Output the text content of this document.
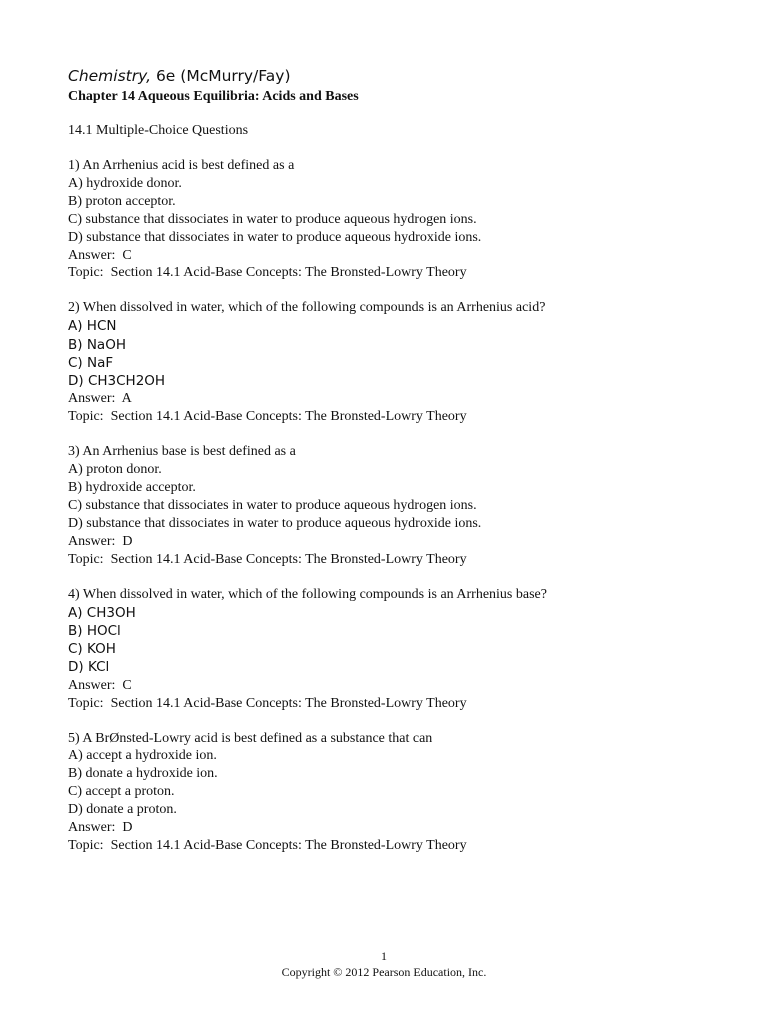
Chemistry, 6e (McMurry/Fay)

Chapter 14 Aqueous Equilibria: Acids and Bases

14.1 Multiple-Choice Questions
1) An Arrhenius acid is best defined as a
A) hydroxide donor.
B) proton acceptor.
C) substance that dissociates in water to produce aqueous hydrogen ions.
D) substance that dissociates in water to produce aqueous hydroxide ions.
Answer:  C
Topic:  Section 14.1 Acid-Base Concepts: The Bronsted-Lowry Theory
2) When dissolved in water, which of the following compounds is an Arrhenius acid?
A) HCN
B) NaOH
C) NaF
D) CH3CH2OH
Answer:  A
Topic:  Section 14.1 Acid-Base Concepts: The Bronsted-Lowry Theory
3) An Arrhenius base is best defined as a
A) proton donor.
B) hydroxide acceptor.
C) substance that dissociates in water to produce aqueous hydrogen ions.
D) substance that dissociates in water to produce aqueous hydroxide ions.
Answer:  D
Topic:  Section 14.1 Acid-Base Concepts: The Bronsted-Lowry Theory
4) When dissolved in water, which of the following compounds is an Arrhenius base?
A) CH3OH
B) HOCl
C) KOH
D) KCl
Answer:  C
Topic:  Section 14.1 Acid-Base Concepts: The Bronsted-Lowry Theory
5) A BrØnsted-Lowry acid is best defined as a substance that can
A) accept a hydroxide ion.
B) donate a hydroxide ion.
C) accept a proton.
D) donate a proton.
Answer:  D
Topic:  Section 14.1 Acid-Base Concepts: The Bronsted-Lowry Theory
1
Copyright © 2012 Pearson Education, Inc.
